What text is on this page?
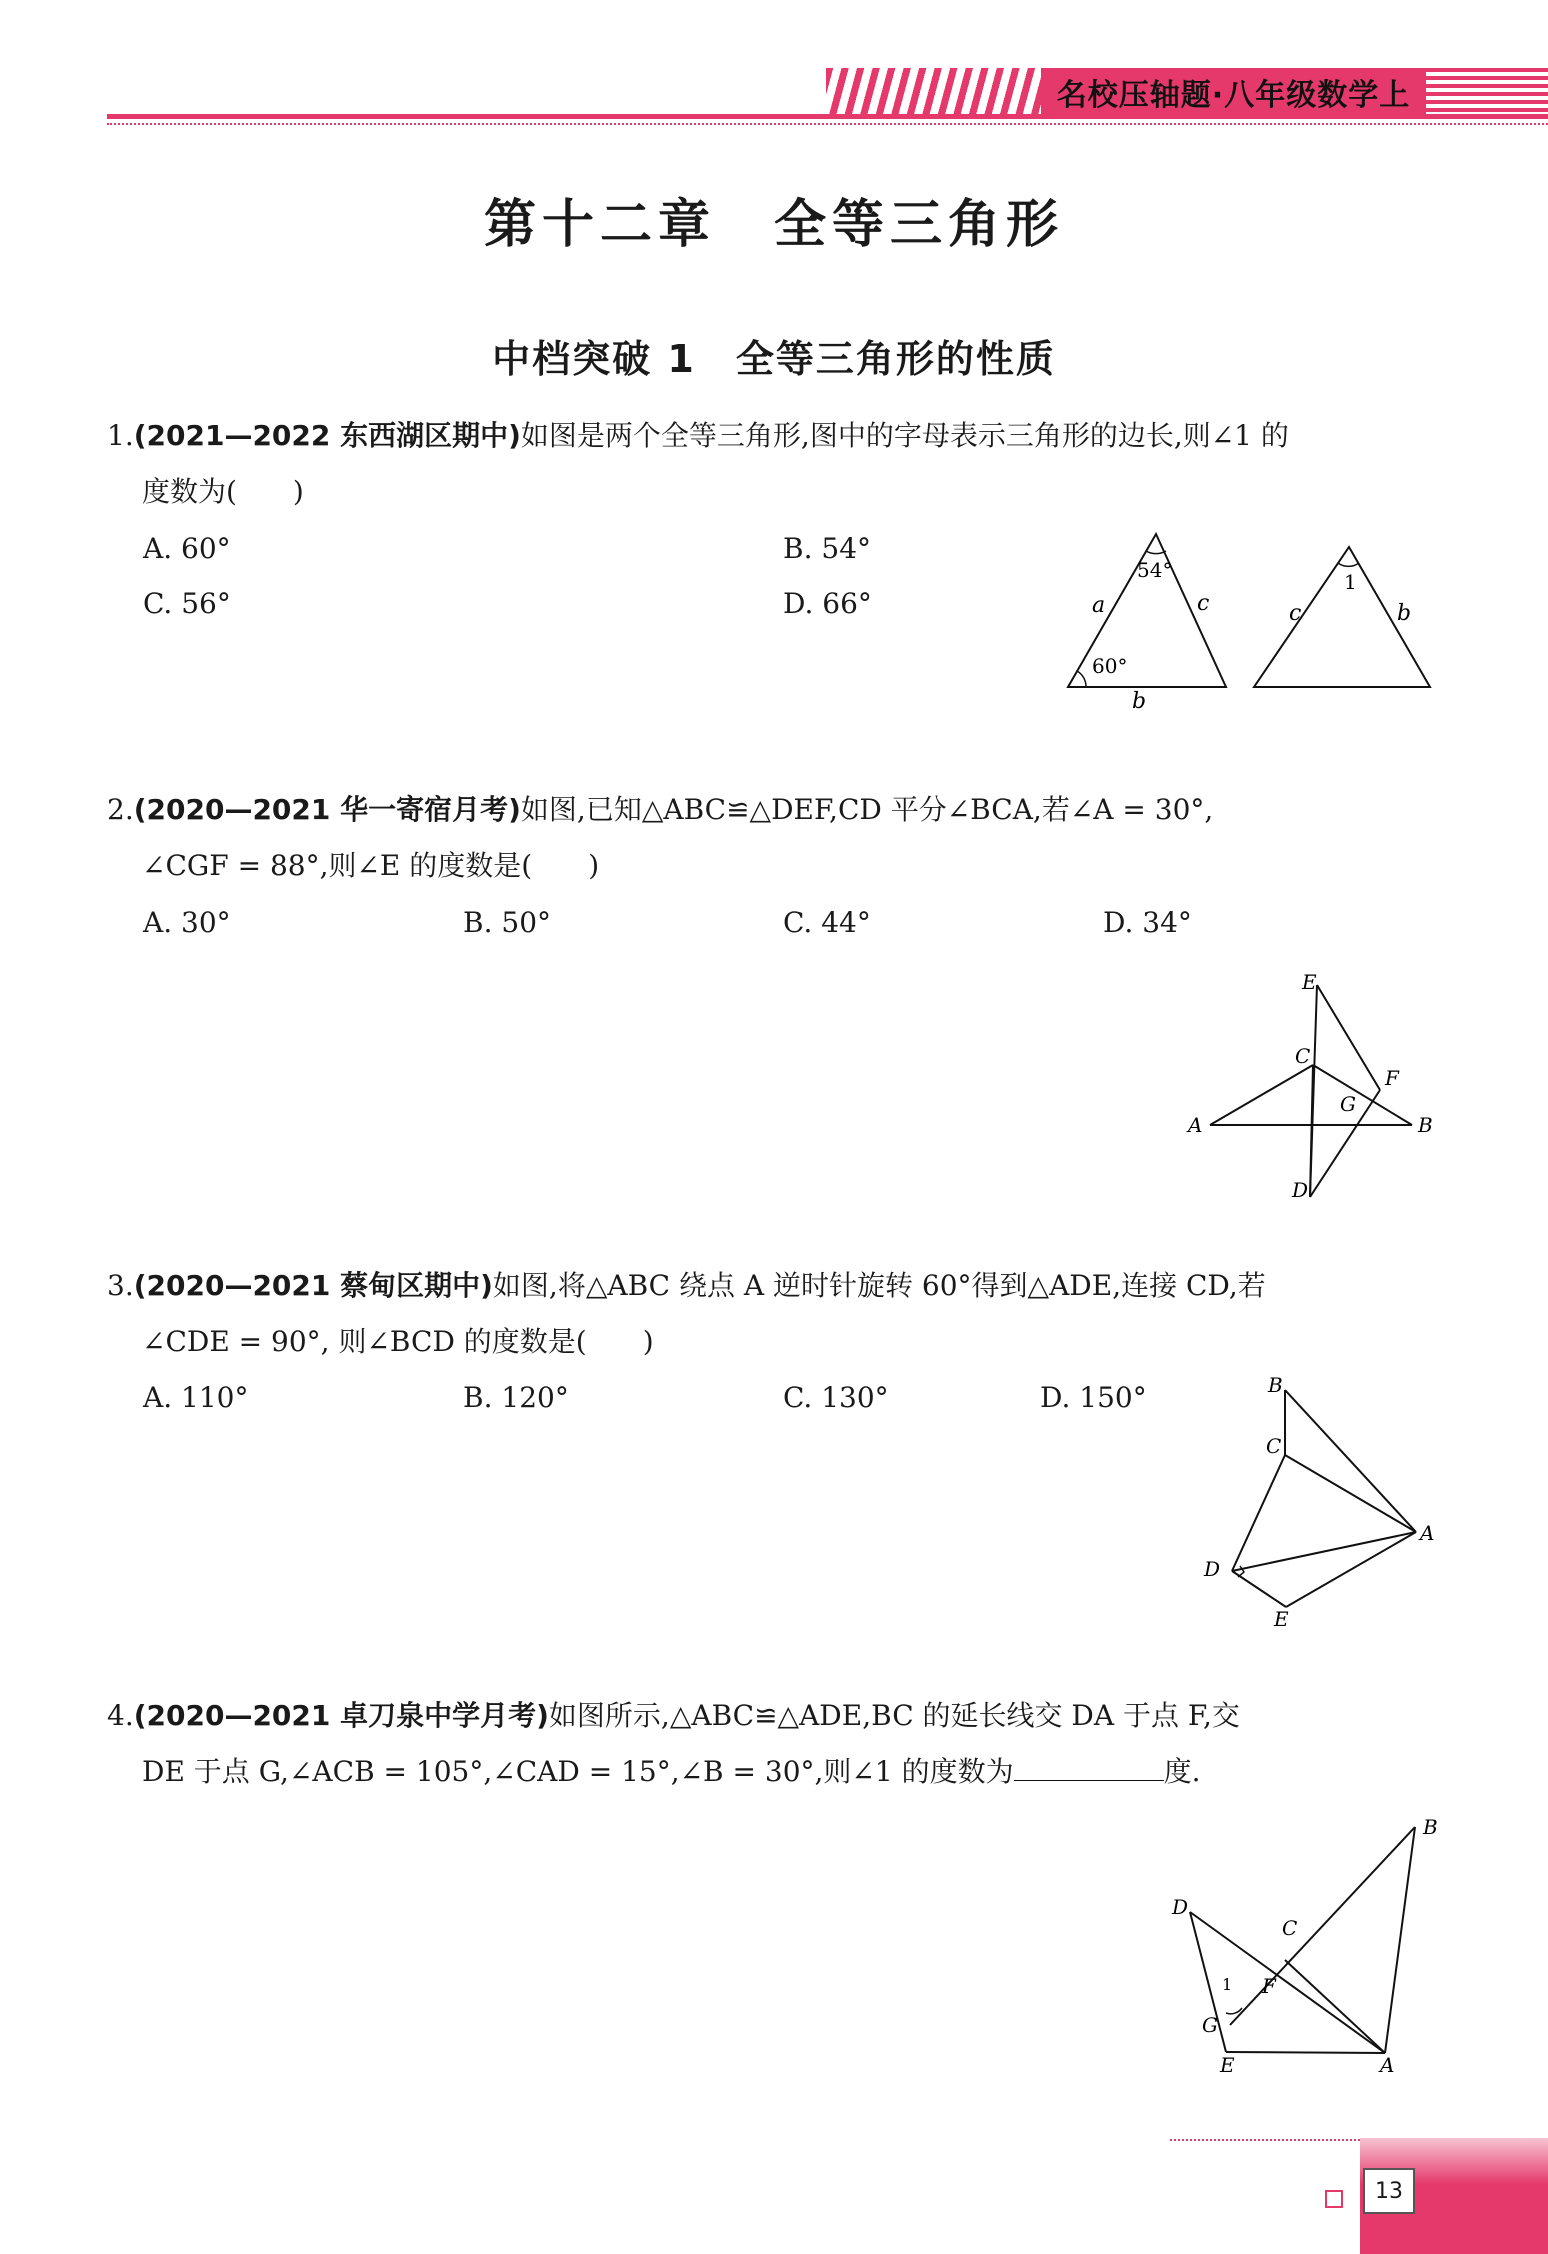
名校压轴题·八年级数学上
第十二章　全等三角形
中档突破 1　全等三角形的性质
1.(2021—2022 东西湖区期中)如图是两个全等三角形,图中的字母表示三角形的边长,则∠1 的
度数为(　　)
A. 60°	B. 54°
C. 56°	D. 66°
54°
60°
a	c
b
1
c	b
2.(2020—2021 华一寄宿月考)如图,已知△ABC≌△DEF,CD 平分∠BCA,若∠A = 30°,
∠CGF = 88°,则∠E 的度数是(　　)
A. 30°	B. 50°	C. 44°	D. 34°
E
C
F
G
A	B
D
3.(2020—2021 蔡甸区期中)如图,将△ABC 绕点 A 逆时针旋转 60°得到△ADE,连接 CD,若
∠CDE = 90°, 则∠BCD 的度数是(　　)
A. 110°	B. 120°	C. 130°	D. 150°	B
C
A
D
E
4.(2020—2021 卓刀泉中学月考)如图所示,△ABC≌△ADE,BC 的延长线交 DA 于点 F,交
DE 于点 G,∠ACB = 105°,∠CAD = 15°,∠B = 30°,则∠1 的度数为	度.
B
D
C
F
1
G
E	A
13
